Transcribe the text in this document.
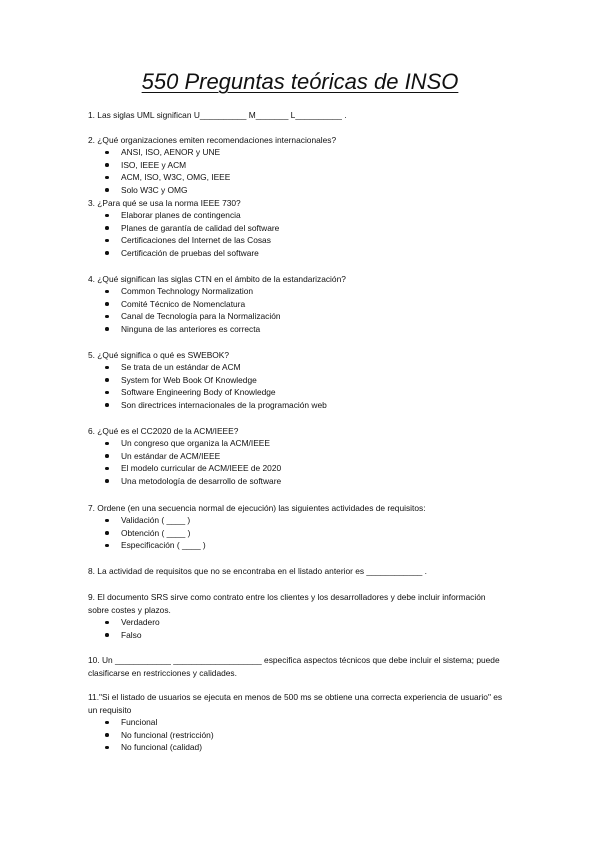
550 Preguntas teóricas de INSO
1. Las siglas UML significan U__________ M_______ L__________ .
2. ¿Qué organizaciones emiten recomendaciones internacionales?
ANSI, ISO, AENOR y UNE
ISO, IEEE y ACM
ACM, ISO, W3C, OMG, IEEE
Solo W3C y OMG
3. ¿Para qué se usa la norma IEEE 730?
Elaborar planes de contingencia
Planes de garantía de calidad del software
Certificaciones del Internet de las Cosas
Certificación de pruebas del software
4. ¿Qué significan las siglas CTN en el ámbito de la estandarización?
Common Technology Normalization
Comité Técnico de Nomenclatura
Canal de Tecnología para la Normalización
Ninguna de las anteriores es correcta
5. ¿Qué significa o qué es SWEBOK?
Se trata de un estándar de ACM
System for Web Book Of Knowledge
Software Engineering Body of Knowledge
Son directrices internacionales de la programación web
6. ¿Qué es el CC2020 de la ACM/IEEE?
Un congreso que organiza la ACM/IEEE
Un estándar de ACM/IEEE
El modelo curricular de ACM/IEEE de 2020
Una metodología de desarrollo de software
7. Ordene (en una secuencia normal de ejecución) las siguientes actividades de requisitos:
Validación ( ____ )
Obtención ( ____ )
Especificación ( ____ )
8. La actividad de requisitos que no se encontraba en el listado anterior es ____________ .
9. El documento SRS sirve como contrato entre los clientes y los desarrolladores y debe incluir información sobre costes y plazos.
Verdadero
Falso
10. Un ____________ ___________________ especifica aspectos técnicos que debe incluir el sistema; puede clasificarse en restricciones y calidades.
11."Si el listado de usuarios se ejecuta en menos de 500 ms se obtiene una correcta experiencia de usuario" es un requisito
Funcional
No funcional (restricción)
No funcional (calidad)
